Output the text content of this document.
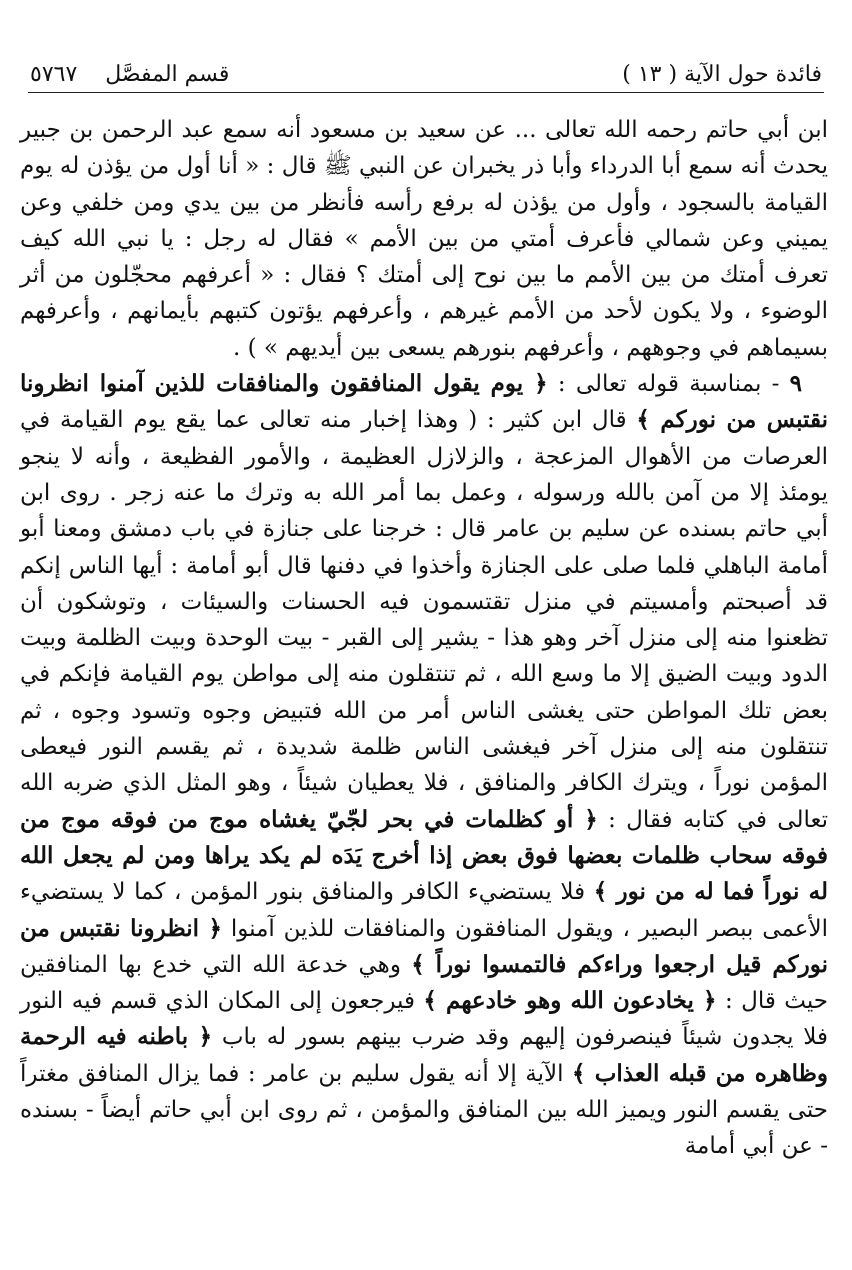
فائدة حول الآية ( ١٣ )
قسم المفصَّل
٥٧٦٧

ابن أبي حاتم رحمه الله تعالى ... عن سعيد بن مسعود أنه سمع عبد الرحمن بن جبير يحدث أنه سمع أبا الدرداء وأبا ذر يخبران عن النبي ﷺ قال : « أنا أول من يؤذن له يوم القيامة بالسجود ، وأول من يؤذن له برفع رأسه فأنظر من بين يدي ومن خلفي وعن يميني وعن شمالي فأعرف أمتي من بين الأمم » فقال له رجل : يا نبي الله كيف تعرف أمتك من بين الأمم ما بين نوح إلى أمتك ؟ فقال : « أعرفهم محجّلون من أثر الوضوء ، ولا يكون لأحد من الأمم غيرهم ، وأعرفهم يؤتون كتبهم بأيمانهم ، وأعرفهم بسيماهم في وجوههم ، وأعرفهم بنورهم يسعى بين أيديهم » ) .

٩ - بمناسبة قوله تعالى : ﴿ يوم يقول المنافقون والمنافقات للذين آمنوا انظرونا نقتبس من نوركم ﴾ قال ابن كثير : ( وهذا إخبار منه تعالى عما يقع يوم القيامة في العرصات من الأهوال المزعجة ، والزلازل العظيمة ، والأمور الفظيعة ، وأنه لا ينجو يومئذ إلا من آمن بالله ورسوله ، وعمل بما أمر الله به وترك ما عنه زجر . روى ابن أبي حاتم بسنده عن سليم بن عامر قال : خرجنا على جنازة في باب دمشق ومعنا أبو أمامة الباهلي فلما صلى على الجنازة وأخذوا في دفنها قال أبو أمامة : أيها الناس إنكم قد أصبحتم وأمسيتم في منزل تقتسمون فيه الحسنات والسيئات ، وتوشكون أن تظعنوا منه إلى منزل آخر وهو هذا - يشير إلى القبر - بيت الوحدة وبيت الظلمة وبيت الدود وبيت الضيق إلا ما وسع الله ، ثم تنتقلون منه إلى مواطن يوم القيامة فإنكم في بعض تلك المواطن حتى يغشى الناس أمر من الله فتبيض وجوه وتسود وجوه ، ثم تنتقلون منه إلى منزل آخر فيغشى الناس ظلمة شديدة ، ثم يقسم النور فيعطى المؤمن نوراً ، ويترك الكافر والمنافق ، فلا يعطيان شيئاً ، وهو المثل الذي ضربه الله تعالى في كتابه فقال : ﴿ أو كظلمات في بحر لجّيّ يغشاه موج من فوقه موج من فوقه سحاب ظلمات بعضها فوق بعض إذا أخرج يَدَه لم يكد يراها ومن لم يجعل الله له نوراً فما له من نور ﴾ فلا يستضيء الكافر والمنافق بنور المؤمن ، كما لا يستضيء الأعمى ببصر البصير ، ويقول المنافقون والمنافقات للذين آمنوا ﴿ انظرونا نقتبس من نوركم قيل ارجعوا وراءكم فالتمسوا نوراً ﴾ وهي خدعة الله التي خدع بها المنافقين حيث قال : ﴿ يخادعون الله وهو خادعهم ﴾ فيرجعون إلى المكان الذي قسم فيه النور فلا يجدون شيئاً فينصرفون إليهم وقد ضرب بينهم بسور له باب ﴿ باطنه فيه الرحمة وظاهره من قبله العذاب ﴾ الآية إلا أنه يقول سليم بن عامر : فما يزال المنافق مغتراً حتى يقسم النور ويميز الله بين المنافق والمؤمن ، ثم روى ابن أبي حاتم أيضاً - بسنده - عن أبي أمامة
